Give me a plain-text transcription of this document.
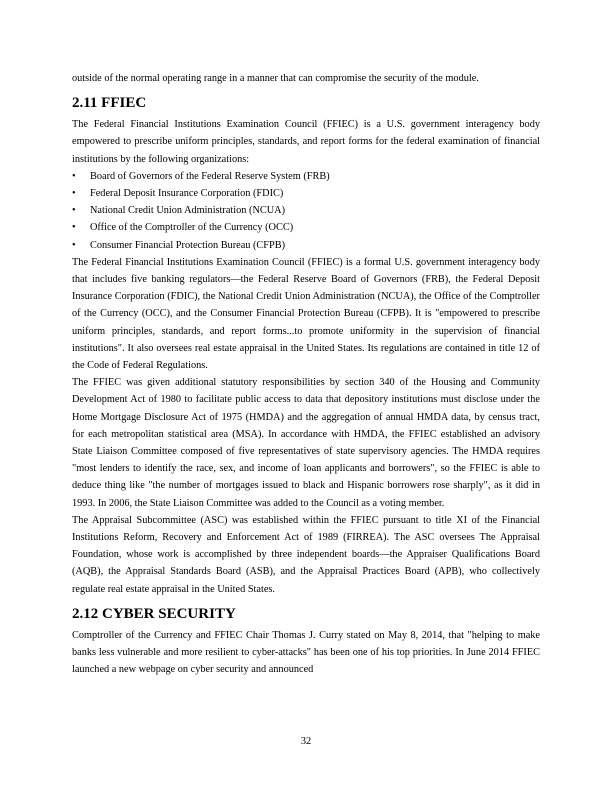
outside of the normal operating range in a manner that can compromise the security of the module.

2.11 FFIEC

The Federal Financial Institutions Examination Council (FFIEC) is a U.S. government interagency body empowered to prescribe uniform principles, standards, and report forms for the federal examination of financial institutions by the following organizations:

• Board of Governors of the Federal Reserve System (FRB)
• Federal Deposit Insurance Corporation (FDIC)
• National Credit Union Administration (NCUA)
• Office of the Comptroller of the Currency (OCC)
• Consumer Financial Protection Bureau (CFPB)

The Federal Financial Institutions Examination Council (FFIEC) is a formal U.S. government interagency body that includes five banking regulators—the Federal Reserve Board of Governors (FRB), the Federal Deposit Insurance Corporation (FDIC), the National Credit Union Administration (NCUA), the Office of the Comptroller of the Currency (OCC), and the Consumer Financial Protection Bureau (CFPB). It is "empowered to prescribe uniform principles, standards, and report forms...to promote uniformity in the supervision of financial institutions". It also oversees real estate appraisal in the United States. Its regulations are contained in title 12 of the Code of Federal Regulations.

The FFIEC was given additional statutory responsibilities by section 340 of the Housing and Community Development Act of 1980 to facilitate public access to data that depository institutions must disclose under the Home Mortgage Disclosure Act of 1975 (HMDA) and the aggregation of annual HMDA data, by census tract, for each metropolitan statistical area (MSA). In accordance with HMDA, the FFIEC established an advisory State Liaison Committee composed of five representatives of state supervisory agencies. The HMDA requires "most lenders to identify the race, sex, and income of loan applicants and borrowers", so the FFIEC is able to deduce thing like "the number of mortgages issued to black and Hispanic borrowers rose sharply", as it did in 1993. In 2006, the State Liaison Committee was added to the Council as a voting member.

The Appraisal Subcommittee (ASC) was established within the FFIEC pursuant to title XI of the Financial Institutions Reform, Recovery and Enforcement Act of 1989 (FIRREA). The ASC oversees The Appraisal Foundation, whose work is accomplished by three independent boards—the Appraiser Qualifications Board (AQB), the Appraisal Standards Board (ASB), and the Appraisal Practices Board (APB), who collectively regulate real estate appraisal in the United States.

2.12 CYBER SECURITY

Comptroller of the Currency and FFIEC Chair Thomas J. Curry stated on May 8, 2014, that "helping to make banks less vulnerable and more resilient to cyber-attacks" has been one of his top priorities. In June 2014 FFIEC launched a new webpage on cyber security and announced

32
